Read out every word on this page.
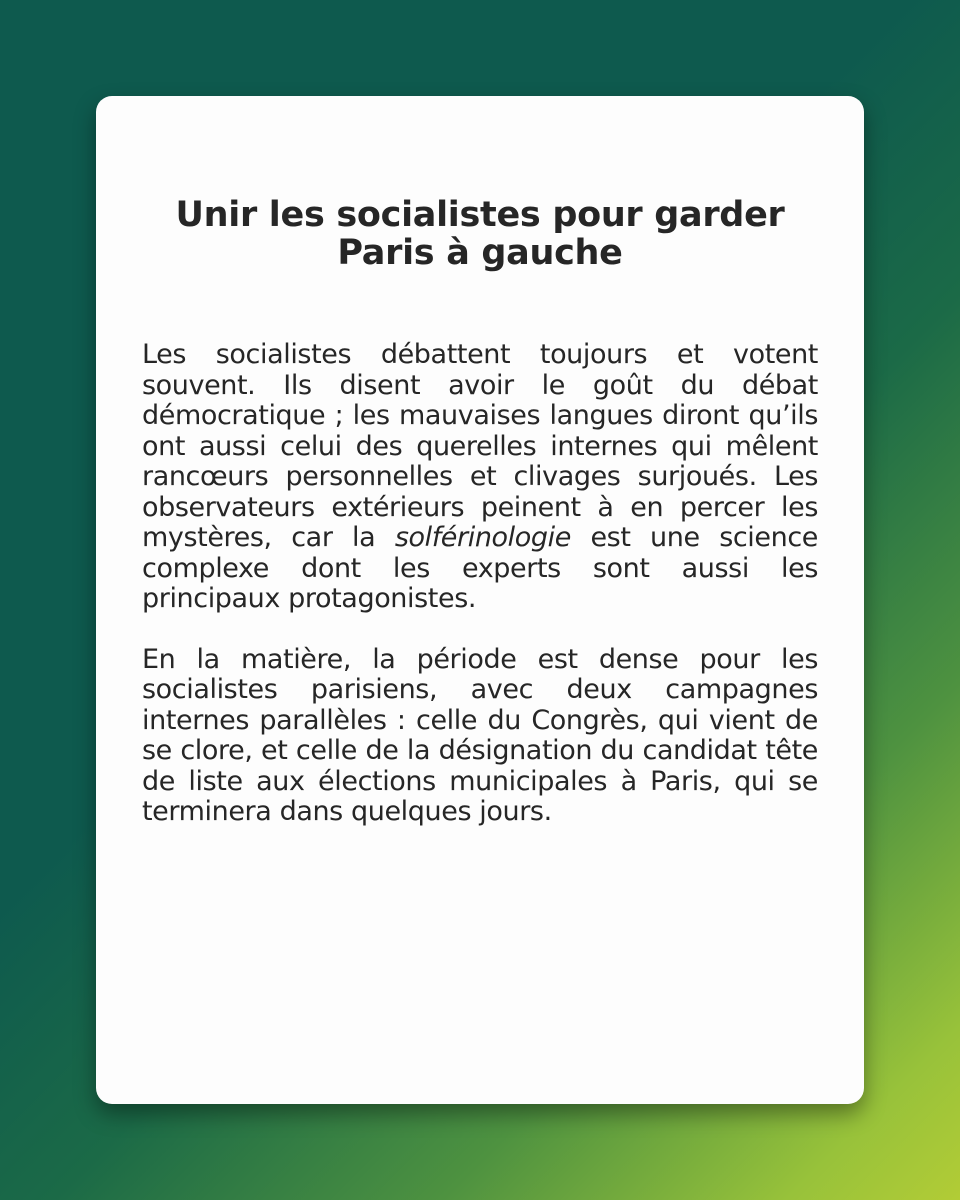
Unir les socialistes pour garder Paris à gauche

Les socialistes débattent toujours et votent souvent. Ils disent avoir le goût du débat démocratique ; les mauvaises langues diront qu’ils ont aussi celui des querelles internes qui mêlent rancœurs personnelles et clivages surjoués. Les observateurs extérieurs peinent à en percer les mystères, car la solférinologie est une science complexe dont les experts sont aussi les principaux protagonistes.

En la matière, la période est dense pour les socialistes parisiens, avec deux campagnes internes parallèles : celle du Congrès, qui vient de se clore, et celle de la désignation du candidat tête de liste aux élections municipales à Paris, qui se terminera dans quelques jours.
